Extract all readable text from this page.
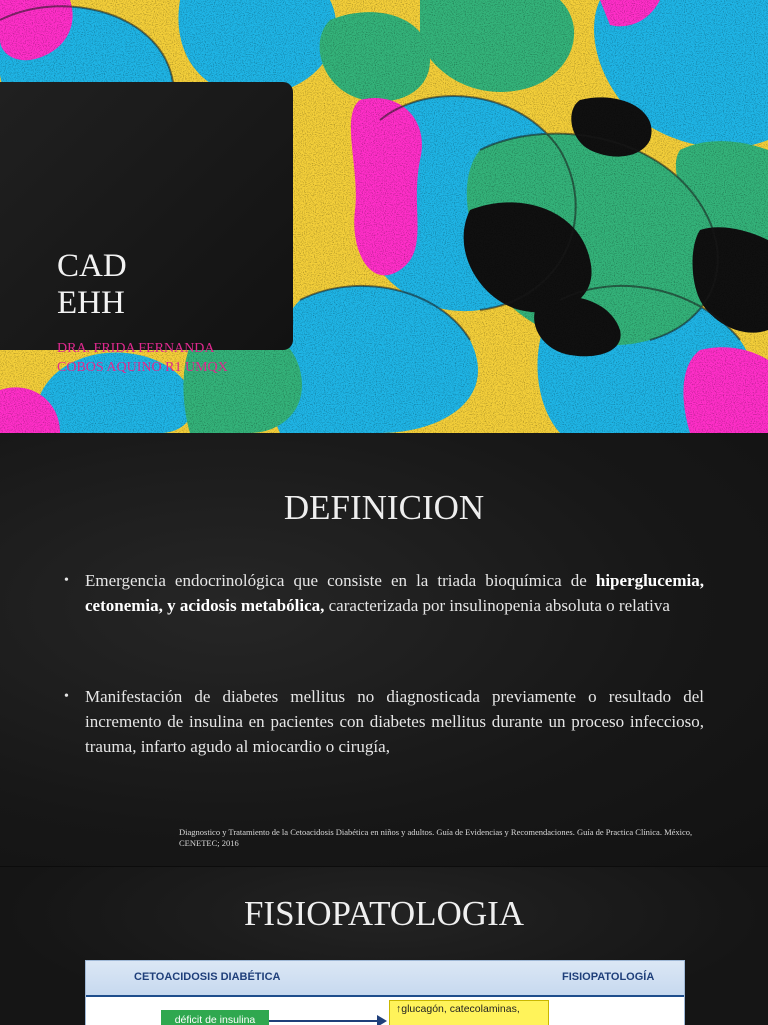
CAD
EHH

DRA. FRIDA FERNANDA
COBOS AQUINO R1 UMQX

DEFINICION
• Emergencia endocrinológica que consiste en la triada bioquímica de hiperglucemia, cetonemia, y acidosis metabólica, caracterizada por insulinopenia absoluta o relativa
• Manifestación de diabetes mellitus no diagnosticada previamente o resultado del incremento de insulina en pacientes con diabetes mellitus durante un proceso infeccioso, trauma, infarto agudo al miocardio o cirugía,
Diagnostico y Tratamiento de la Cetoacidosis Diabética en niños y adultos. Guía de Evidencias y Recomendaciones. Guía de Practica Clínica. México, CENETEC; 2016
FISIOPATOLOGIA
CETOACIDOSIS DIABÉTICA	FISIOPATOLOGÍA
déficit de insulina
↑glucagón, catecolaminas,
